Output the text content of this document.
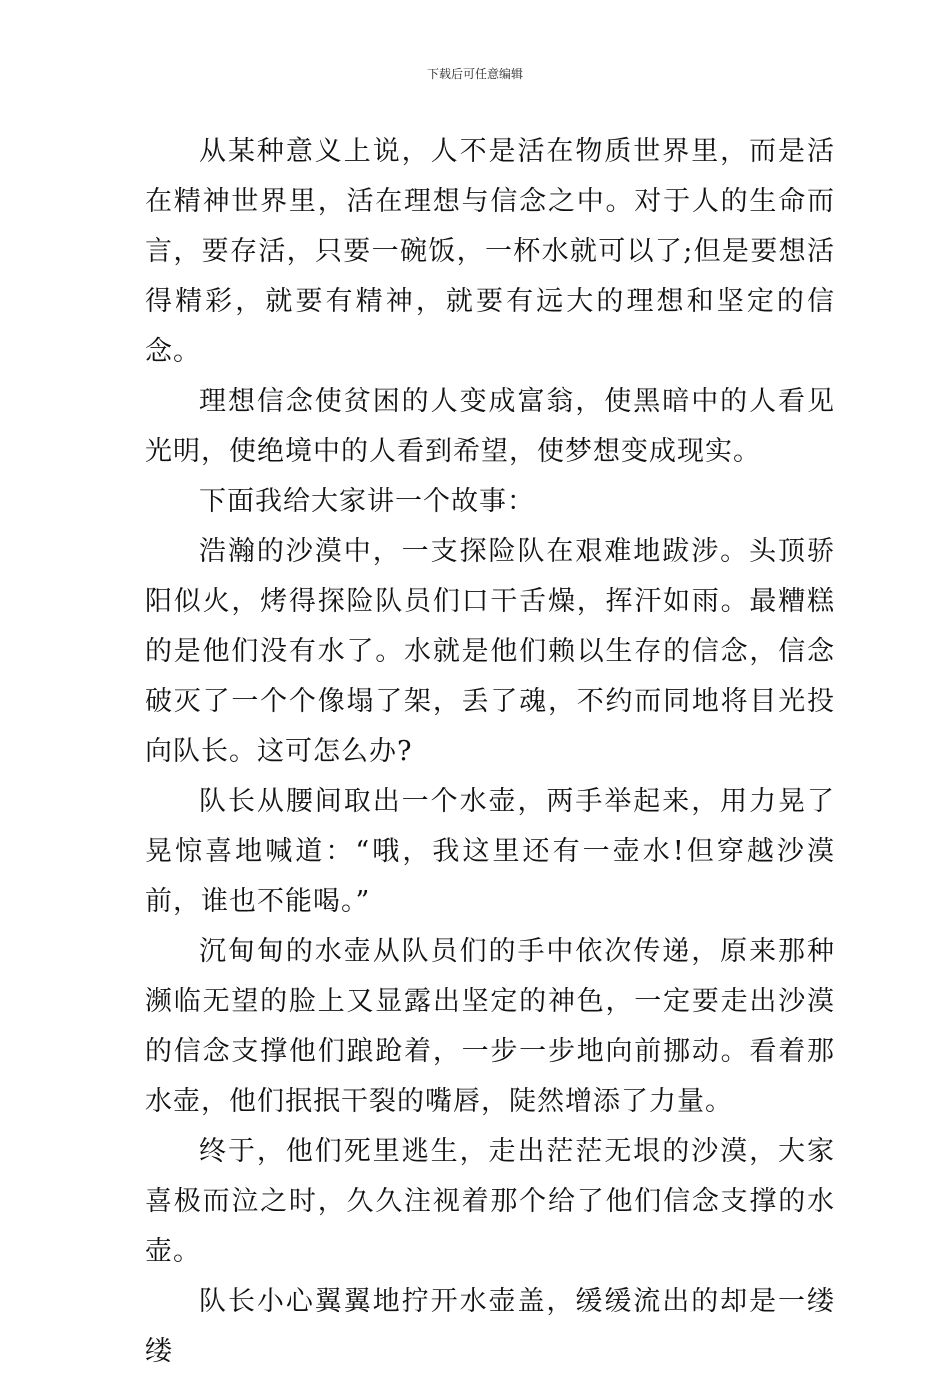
下载后可任意编辑

从某种意义上说，人不是活在物质世界里，而是活在精神世界里，活在理想与信念之中。对于人的生命而言，要存活，只要一碗饭，一杯水就可以了;但是要想活得精彩，就要有精神，就要有远大的理想和坚定的信念。

理想信念使贫困的人变成富翁，使黑暗中的人看见光明，使绝境中的人看到希望，使梦想变成现实。

下面我给大家讲一个故事：

浩瀚的沙漠中，一支探险队在艰难地跋涉。头顶骄阳似火，烤得探险队员们口干舌燥，挥汗如雨。最糟糕的是他们没有水了。水就是他们赖以生存的信念，信念破灭了一个个像塌了架，丢了魂，不约而同地将目光投向队长。这可怎么办?

队长从腰间取出一个水壶，两手举起来，用力晃了晃惊喜地喊道：“哦，我这里还有一壶水!但穿越沙漠前，谁也不能喝。”

沉甸甸的水壶从队员们的手中依次传递，原来那种濒临无望的脸上又显露出坚定的神色，一定要走出沙漠的信念支撑他们踉跄着，一步一步地向前挪动。看着那水壶，他们抿抿干裂的嘴唇，陡然增添了力量。

终于，他们死里逃生，走出茫茫无垠的沙漠，大家喜极而泣之时，久久注视着那个给了他们信念支撑的水壶。

队长小心翼翼地拧开水壶盖，缓缓流出的却是一缕缕
